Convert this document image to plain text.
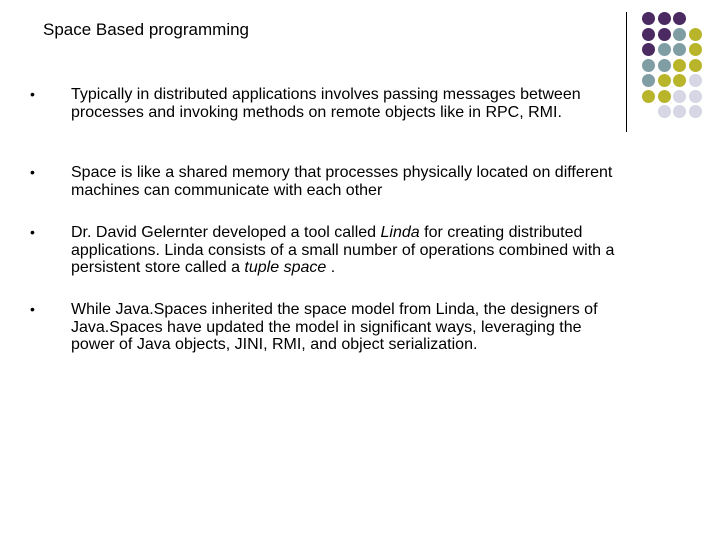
Space Based programming
•	Typically in distributed applications involves passing messages between processes and invoking methods on remote objects like in RPC, RMI.
•	Space is like a shared memory that processes physically located on different machines can communicate with each other
•	Dr. David Gelernter developed a tool called Linda for creating distributed applications. Linda consists of a small number of operations combined with a persistent store called a tuple space .
•	While Java.Spaces inherited the space model from Linda, the designers of Java.Spaces have updated the model in significant ways, leveraging the power of Java objects, JINI, RMI, and object serialization.
